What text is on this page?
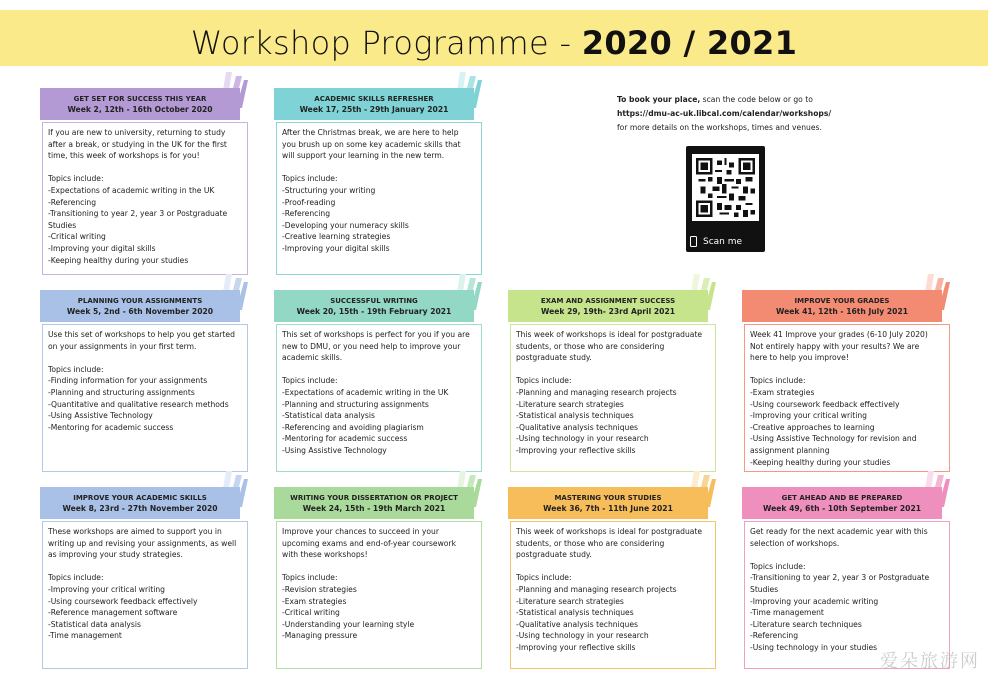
Workshop Programme - 2020 / 2021
To book your place, scan the code below or go to
https://dmu-ac-uk.libcal.com/calendar/workshops/
for more details on the workshops, times and venues.
Scan me
GET SET FOR SUCCESS THIS YEAR
Week 2, 12th - 16th October 2020

If you are new to university, returning to study

after a break, or studying in the UK for the first

time, this week of workshops is for you!

Topics include:

-Expectations of academic writing in the UK

-Referencing

-Transitioning to year 2, year 3 or Postgraduate

Studies

-Critical writing

-Improving your digital skills

-Keeping healthy during your studies

ACADEMIC SKILLS REFRESHER
Week 17, 25th - 29th January 2021

After the Christmas break, we are here to help

you brush up on some key academic skills that

will support your learning in the new term.

Topics include:

-Structuring your writing

-Proof-reading

-Referencing

-Developing your numeracy skills

-Creative learning strategies

-Improving your digital skills

PLANNING YOUR ASSIGNMENTS
Week 5, 2nd - 6th November 2020

Use this set of workshops to help you get started

on your assignments in your first term.

Topics include:

-Finding information for your assignments

-Planning and structuring assignments

-Quantitative and qualitative research methods

-Using Assistive Technology

-Mentoring for academic success

SUCCESSFUL WRITING
Week 20, 15th - 19th February 2021

This set of workshops is perfect for you if you are

new to DMU, or you need help to improve your

academic skills.

Topics include:

-Expectations of academic writing in the UK

-Planning and structuring assignments

-Statistical data analysis

-Referencing and avoiding plagiarism

-Mentoring for academic success

-Using Assistive Technology

EXAM AND ASSIGNMENT SUCCESS
Week 29, 19th- 23rd April 2021

This week of workshops is ideal for postgraduate

students, or those who are considering

postgraduate study.

Topics include:

-Planning and managing research projects

-Literature search strategies

-Statistical analysis techniques

-Qualitative analysis techniques

-Using technology in your research

-Improving your reflective skills

IMPROVE YOUR GRADES
Week 41, 12th - 16th July 2021

Week 41 Improve your grades (6-10 July 2020)

Not entirely happy with your results? We are

here to help you improve!

Topics include:

-Exam strategies

-Using coursework feedback effectively

-Improving your critical writing

-Creative approaches to learning

-Using Assistive Technology for revision and

assignment planning

-Keeping healthy during your studies

IMPROVE YOUR ACADEMIC SKILLS
Week 8, 23rd - 27th November 2020

These workshops are aimed to support you in

writing up and revising your assignments, as well

as improving your study strategies.

Topics include:

-Improving your critical writing

-Using coursework feedback effectively

-Reference management software

-Statistical data analysis

-Time management

WRITING YOUR DISSERTATION OR PROJECT
Week 24, 15th - 19th March 2021

Improve your chances to succeed in your

upcoming exams and end-of-year coursework

with these workshops!

Topics include:

-Revision strategies

-Exam strategies

-Critical writing

-Understanding your learning style

-Managing pressure

MASTERING YOUR STUDIES
Week 36, 7th - 11th June 2021

This week of workshops is ideal for postgraduate

students, or those who are considering

postgraduate study.

Topics include:

-Planning and managing research projects

-Literature search strategies

-Statistical analysis techniques

-Qualitative analysis techniques

-Using technology in your research

-Improving your reflective skills

GET AHEAD AND BE PREPARED
Week 49, 6th - 10th September 2021

Get ready for the next academic year with this

selection of workshops.

Topics include:

-Transitioning to year 2, year 3 or Postgraduate

Studies

-Improving your academic writing

-Time management

-Literature search techniques

-Referencing

-Using technology in your studies

爱朵旅游网
